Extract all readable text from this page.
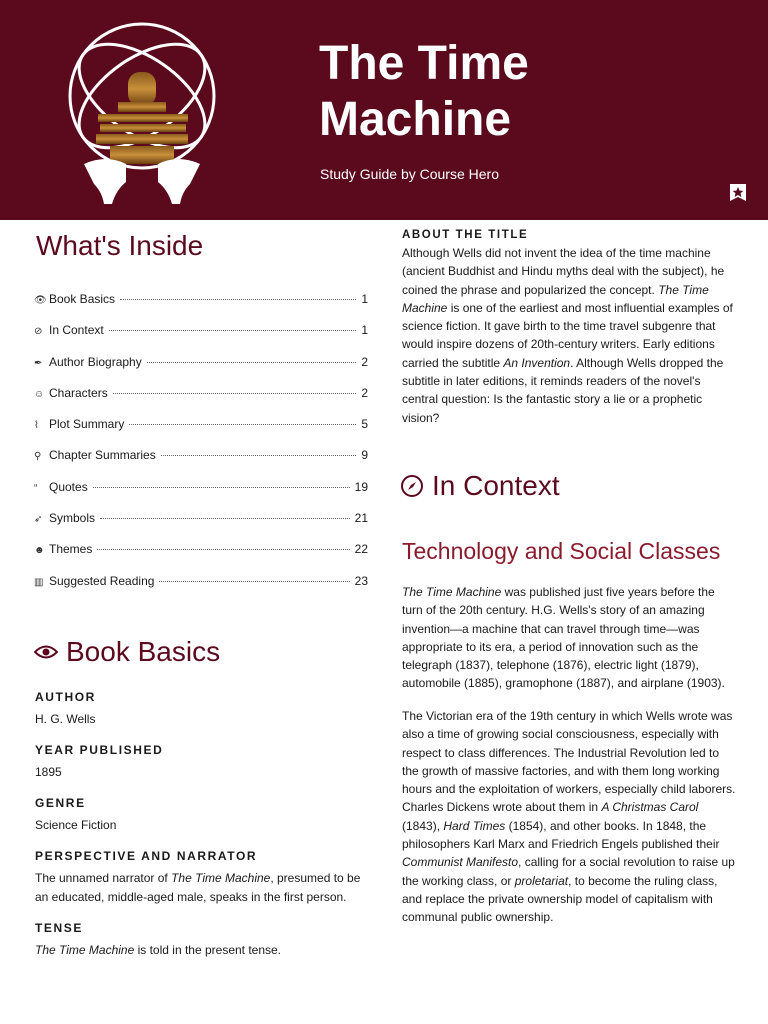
The Time Machine
Study Guide by Course Hero
What's Inside
👁 Book Basics	1
⊘ In Context	1
✒ Author Biography	2
☺ Characters	2
⌇ Plot Summary	5
⚲ Chapter Summaries	9
“ Quotes	19
➶ Symbols	21
☻ Themes	22
▥ Suggested Reading	23
Book Basics
AUTHOR
H. G. Wells
YEAR PUBLISHED
1895
GENRE
Science Fiction
PERSPECTIVE AND NARRATOR
The unnamed narrator of The Time Machine, presumed to be an educated, middle-aged male, speaks in the first person.
TENSE
The Time Machine is told in the present tense.
ABOUT THE TITLE
Although Wells did not invent the idea of the time machine (ancient Buddhist and Hindu myths deal with the subject), he coined the phrase and popularized the concept. The Time Machine is one of the earliest and most influential examples of science fiction. It gave birth to the time travel subgenre that would inspire dozens of 20th-century writers. Early editions carried the subtitle An Invention. Although Wells dropped the subtitle in later editions, it reminds readers of the novel's central question: Is the fantastic story a lie or a prophetic vision?
In Context
Technology and Social Classes
The Time Machine was published just five years before the turn of the 20th century. H.G. Wells's story of an amazing invention—a machine that can travel through time—was appropriate to its era, a period of innovation such as the telegraph (1837), telephone (1876), electric light (1879), automobile (1885), gramophone (1887), and airplane (1903).
The Victorian era of the 19th century in which Wells wrote was also a time of growing social consciousness, especially with respect to class differences. The Industrial Revolution led to the growth of massive factories, and with them long working hours and the exploitation of workers, especially child laborers. Charles Dickens wrote about them in A Christmas Carol (1843), Hard Times (1854), and other books. In 1848, the philosophers Karl Marx and Friedrich Engels published their Communist Manifesto, calling for a social revolution to raise up the working class, or proletariat, to become the ruling class, and replace the private ownership model of capitalism with communal public ownership.
